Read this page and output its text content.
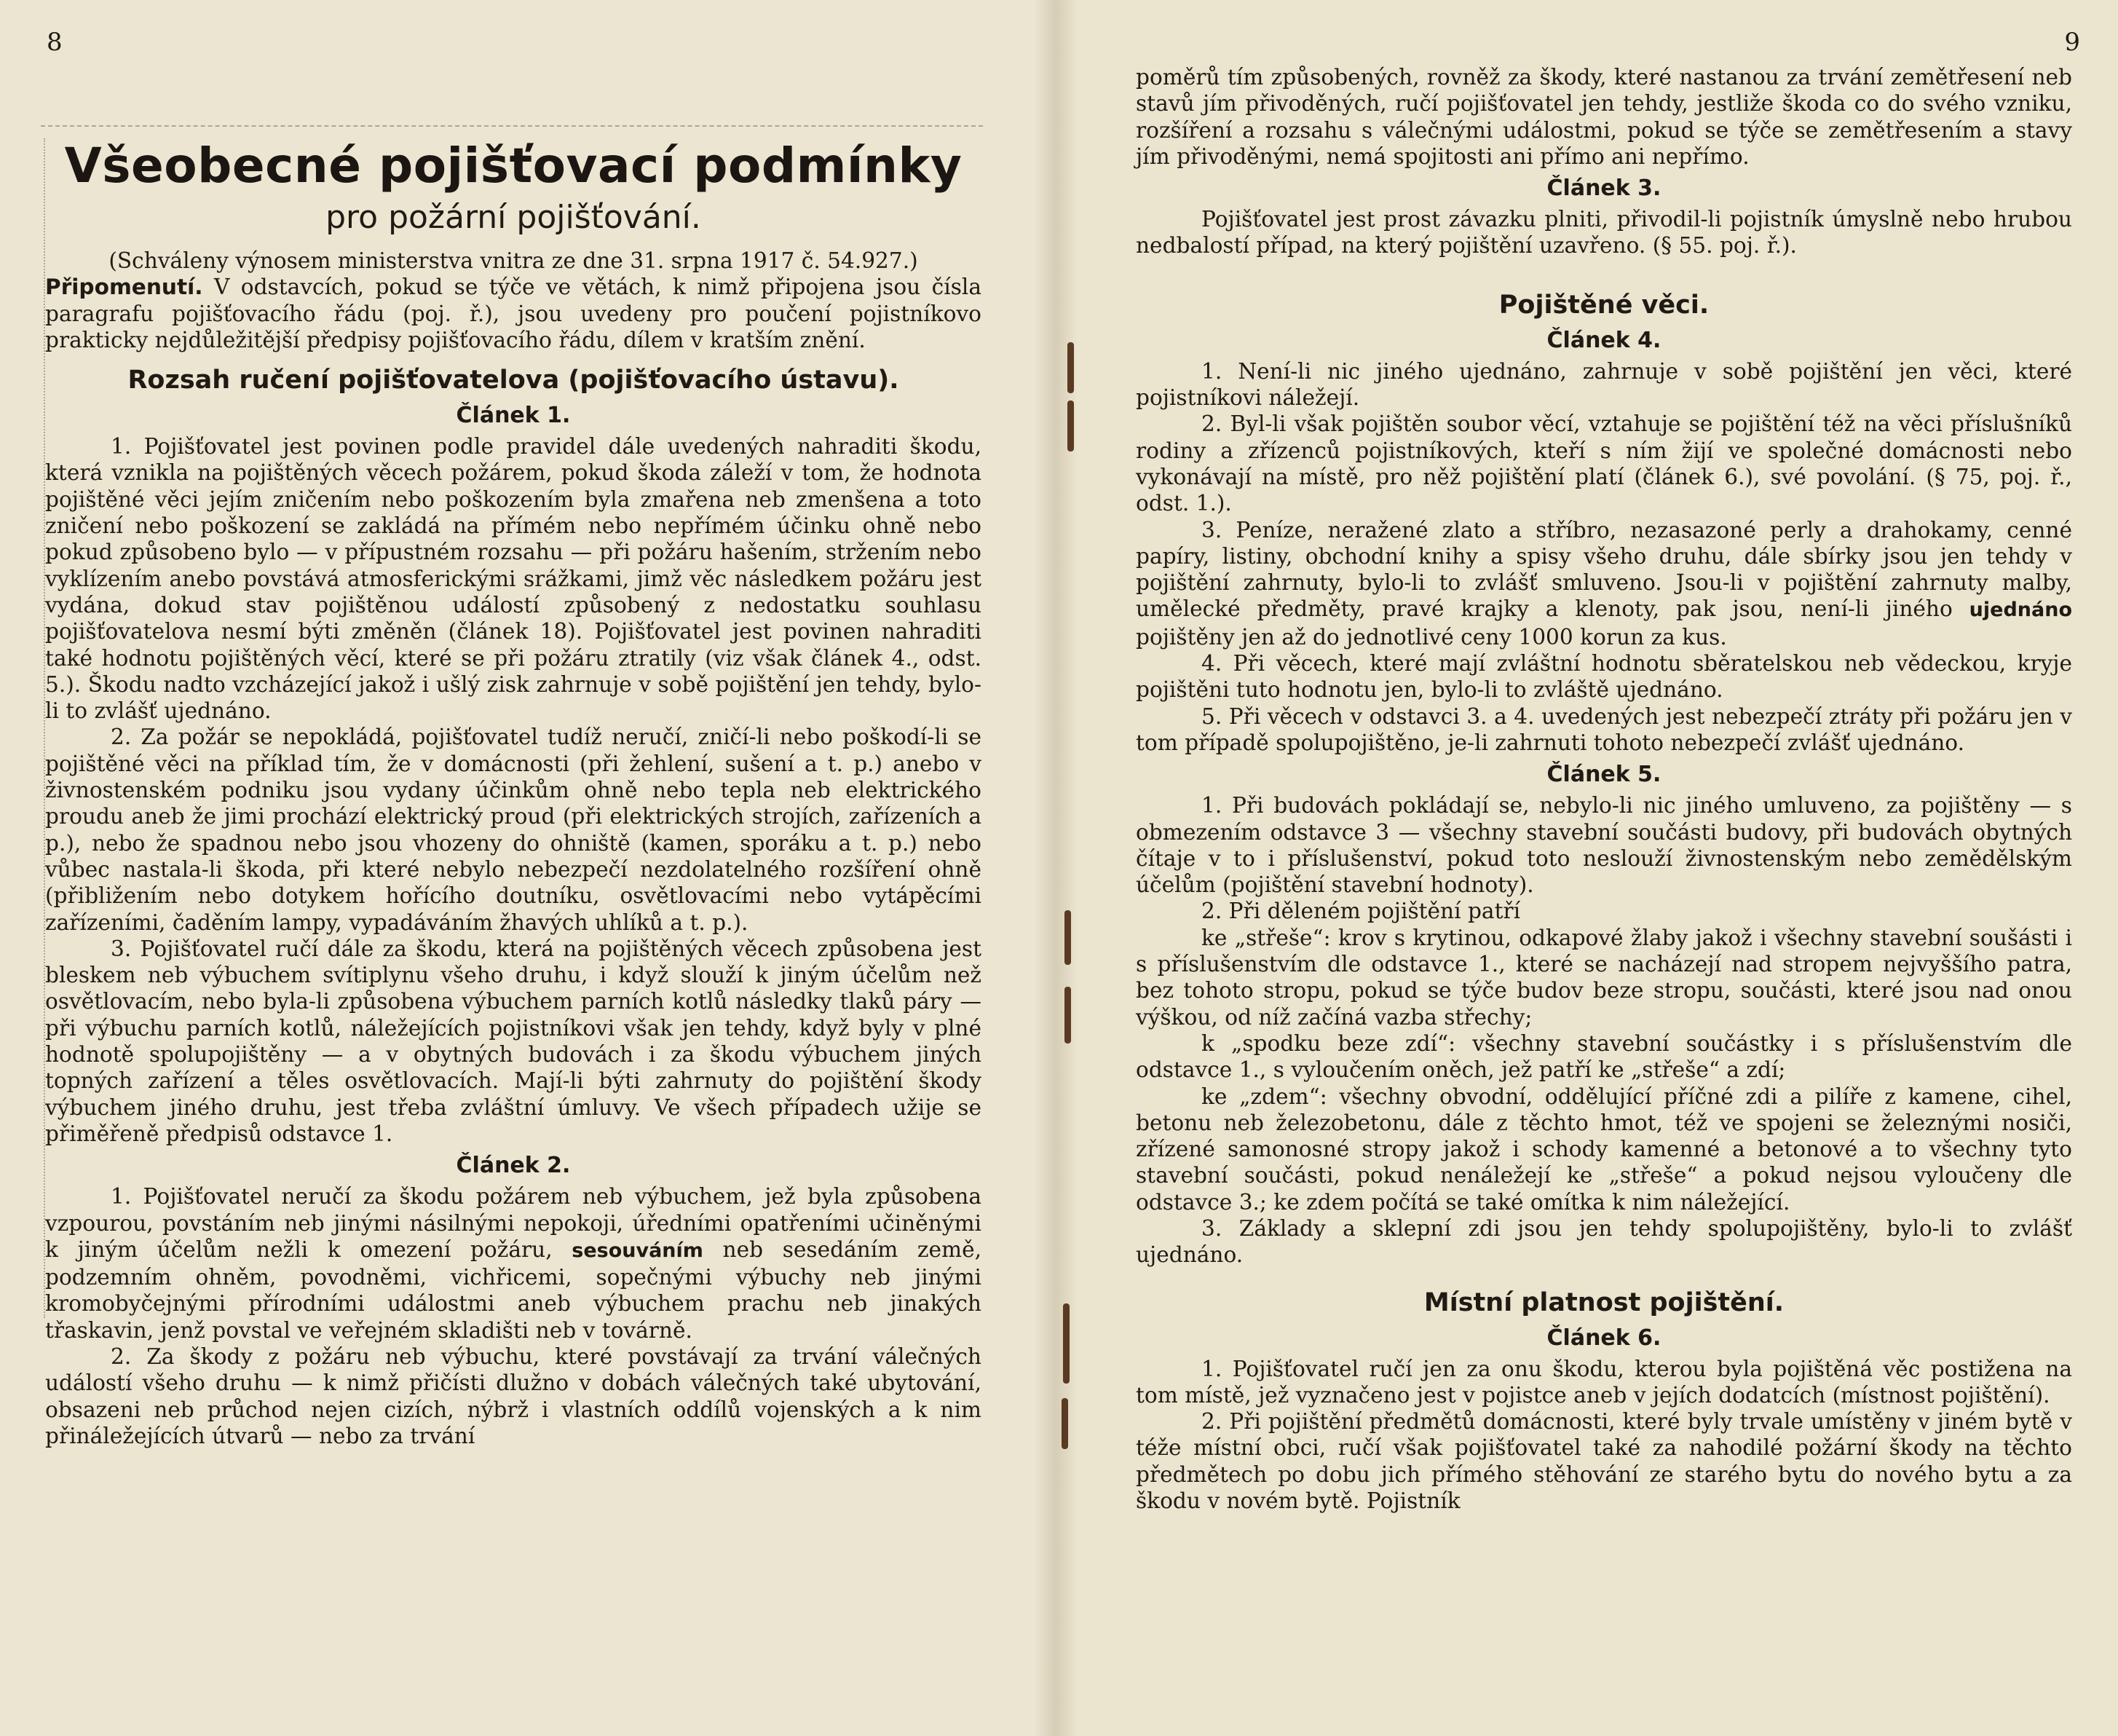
8
Všeobecné pojišťovací podmínky
pro požární pojišťování.

(Schváleny výnosem ministerstva vnitra ze dne 31. srpna 1917 č. 54.927.)

Připomenutí. V odstavcích, pokud se týče ve větách, k nimž připojena jsou čísla paragrafu pojišťovacího řádu (poj. ř.), jsou uvedeny pro poučení pojistníkovo prakticky nejdůležitější předpisy pojišťovacího řádu, dílem v kratším znění.

Rozsah ručení pojišťovatelova (pojišťovacího ústavu).
Článek 1.

1. Pojišťovatel jest povinen podle pravidel dále uvedených nahraditi škodu, která vznikla na pojištěných věcech požárem, pokud škoda záleží v tom, že hodnota pojištěné věci jejím zničením nebo poškozením byla zmařena neb zmenšena a toto zničení nebo poškození se zakládá na přímém nebo nepřímém účinku ohně nebo pokud způsobeno bylo — v přípustném rozsahu — při požáru hašením, stržením nebo vyklízením anebo povstává atmosferickými srážkami, jimž věc následkem požáru jest vydána, dokud stav pojištěnou událostí způsobený z nedostatku souhlasu pojišťovatelova nesmí býti změněn (článek 18). Pojišťovatel jest povinen nahraditi také hodnotu pojištěných věcí, které se při požáru ztratily (viz však článek 4., odst. 5.). Škodu nadto vzcházející jakož i ušlý zisk zahrnuje v sobě pojištění jen tehdy, bylo-li to zvlášť ujednáno.

2. Za požár se nepokládá, pojišťovatel tudíž neručí, zničí-li nebo poškodí-li se pojištěné věci na příklad tím, že v domácnosti (při žehlení, sušení a t. p.) anebo v živnostenském podniku jsou vydany účinkům ohně nebo tepla neb elektrického proudu aneb že jimi prochází elektrický proud (při elektrických strojích, zařízeních a p.), nebo že spadnou nebo jsou vhozeny do ohniště (kamen, sporáku a t. p.) nebo vůbec nastala-li škoda, při které nebylo nebezpečí nezdolatelného rozšíření ohně (přibližením nebo dotykem hořícího doutníku, osvětlovacími nebo vytápěcími zařízeními, čaděním lampy, vypadáváním žhavých uhlíků a t. p.).

3. Pojišťovatel ručí dále za škodu, která na pojištěných věcech způsobena jest bleskem neb výbuchem svítiplynu všeho druhu, i když slouží k jiným účelům než osvětlovacím, nebo byla-li způsobena výbuchem parních kotlů následky tlaků páry — při výbuchu parních kotlů, náležejících pojistníkovi však jen tehdy, když byly v plné hodnotě spolupojištěny — a v obytných budovách i za škodu výbuchem jiných topných zařízení a těles osvětlovacích. Mají-li býti zahrnuty do pojištění škody výbuchem jiného druhu, jest třeba zvláštní úmluvy. Ve všech případech užije se přiměřeně předpisů odstavce 1.

Článek 2.

1. Pojišťovatel neručí za škodu požárem neb výbuchem, jež byla způsobena vzpourou, povstáním neb jinými násilnými nepokoji, úředními opatřeními učiněnými k jiným účelům nežli k omezení požáru, sesouváním neb sesedáním země, podzemním ohněm, povodněmi, vichřicemi, sopečnými výbuchy neb jinými kromobyčejnými přírodními událostmi aneb výbuchem prachu neb jinakých třaskavin, jenž povstal ve veřejném skladišti neb v továrně.

2. Za škody z požáru neb výbuchu, které povstávají za trvání válečných událostí všeho druhu — k nimž přičísti dlužno v dobách válečných také ubytování, obsazeni neb průchod nejen cizích, nýbrž i vlastních oddílů vojenských a k nim přináležejících útvarů — nebo za trvání

9

poměrů tím způsobených, rovněž za škody, které nastanou za trvání zemětřesení neb stavů jím přivoděných, ručí pojišťovatel jen tehdy, jestliže škoda co do svého vzniku, rozšíření a rozsahu s válečnými událostmi, pokud se týče se zemětřesením a stavy jím přivoděnými, nemá spojitosti ani přímo ani nepřímo.

Článek 3.

Pojišťovatel jest prost závazku plniti, přivodil-li pojistník úmyslně nebo hrubou nedbalostí případ, na který pojištění uzavřeno. (§ 55. poj. ř.).

Pojištěné věci.
Článek 4.

1. Není-li nic jiného ujednáno, zahrnuje v sobě pojištění jen věci, které pojistníkovi náležejí.

2. Byl-li však pojištěn soubor věcí, vztahuje se pojištění též na věci příslušníků rodiny a zřízenců pojistníkových, kteří s ním žijí ve společné domácnosti nebo vykonávají na místě, pro něž pojištění platí (článek 6.), své povolání. (§ 75, poj. ř., odst. 1.).

3. Peníze, neražené zlato a stříbro, nezasazoné perly a drahokamy, cenné papíry, listiny, obchodní knihy a spisy všeho druhu, dále sbírky jsou jen tehdy v pojištění zahrnuty, bylo-li to zvlášť smluveno. Jsou-li v pojištění zahrnuty malby, umělecké předměty, pravé krajky a klenoty, pak jsou, není-li jiného ujednáno pojištěny jen až do jednotlivé ceny 1000 korun za kus.

4. Při věcech, které mají zvláštní hodnotu sběratelskou neb vědeckou, kryje pojištěni tuto hodnotu jen, bylo-li to zvláště ujednáno.

5. Při věcech v odstavci 3. a 4. uvedených jest nebezpečí ztráty při požáru jen v tom případě spolupojištěno, je-li zahrnuti tohoto nebezpečí zvlášť ujednáno.

Článek 5.

1. Při budovách pokládají se, nebylo-li nic jiného umluveno, za pojištěny — s obmezením odstavce 3 — všechny stavební součásti budovy, při budovách obytných čítaje v to i příslušenství, pokud toto neslouží živnostenským nebo zemědělským účelům (pojištění stavební hodnoty).

2. Při děleném pojištění patří

ke „střeše“: krov s krytinou, odkapové žlaby jakož i všechny stavební soušásti i s příslušenstvím dle odstavce 1., které se nacházejí nad stropem nejvyššího patra, bez tohoto stropu, pokud se týče budov beze stropu, součásti, které jsou nad onou výškou, od níž začíná vazba střechy;

k „spodku beze zdí“: všechny stavební součástky i s příslušenstvím dle odstavce 1., s vyloučením oněch, jež patří ke „střeše“ a zdí;

ke „zdem“: všechny obvodní, oddělující příčné zdi a pilíře z kamene, cihel, betonu neb železobetonu, dále z těchto hmot, též ve spojeni se železnými nosiči, zřízené samonosné stropy jakož i schody kamenné a betonové a to všechny tyto stavební součásti, pokud nenáležejí ke „střeše“ a pokud nejsou vyloučeny dle odstavce 3.; ke zdem počítá se také omítka k nim náležející.

3. Základy a sklepní zdi jsou jen tehdy spolupojištěny, bylo-li to zvlášť ujednáno.

Místní platnost pojištění.
Článek 6.

1. Pojišťovatel ručí jen za onu škodu, kterou byla pojištěná věc postižena na tom místě, jež vyznačeno jest v pojistce aneb v jejích dodatcích (místnost pojištění).

2. Při pojištění předmětů domácnosti, které byly trvale umístěny v jiném bytě v téže místní obci, ručí však pojišťovatel také za nahodilé požární škody na těchto předmětech po dobu jich přímého stěhování ze starého bytu do nového bytu a za škodu v novém bytě. Pojistník
